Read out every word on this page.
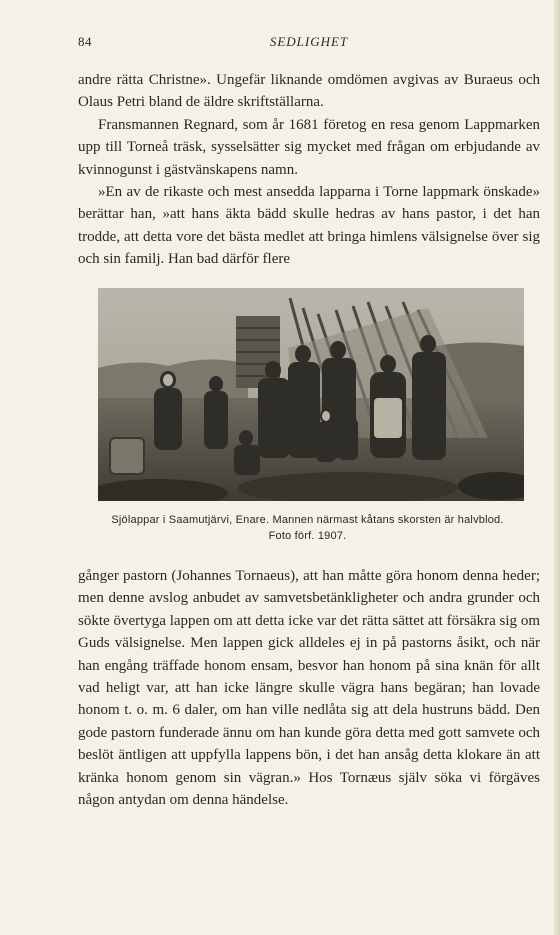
84	SEDLIGHET

andre rätta Christne». Ungefär liknande omdömen avgivas av Buraeus och Olaus Petri bland de äldre skriftställarna.

Fransmannen Regnard, som år 1681 företog en resa genom Lappmarken upp till Torneå träsk, sysselsätter sig mycket med frågan om erbjudande av kvinnogunst i gästvänskapens namn.

»En av de rikaste och mest ansedda lapparna i Torne lappmark önskade» berättar han, »att hans äkta bädd skulle hedras av hans pastor, i det han trodde, att detta vore det bästa medlet att bringa himlens välsignelse över sig och sin familj. Han bad därför flere

Sjölappar i Saamutjärvi, Enare. Mannen närmast kåtans skorsten är halvblod.
Foto förf. 1907.

gånger pastorn (Johannes Tornaeus), att han måtte göra honom denna heder; men denne avslog anbudet av samvetsbetänkligheter och andra grunder och sökte övertyga lappen om att detta icke var det rätta sättet att försäkra sig om Guds välsignelse. Men lappen gick alldeles ej in på pastorns åsikt, och när han engång träffade honom ensam, besvor han honom på sina knän för allt vad heligt var, att han icke längre skulle vägra hans begäran; han lovade honom t. o. m. 6 daler, om han ville nedlåta sig att dela hustruns bädd. Den gode pastorn funderade ännu om han kunde göra detta med gott samvete och beslöt äntligen att uppfylla lappens bön, i det han ansåg detta klokare än att kränka honom genom sin vägran.» Hos Tornæus själv söka vi förgäves någon antydan om denna händelse.
